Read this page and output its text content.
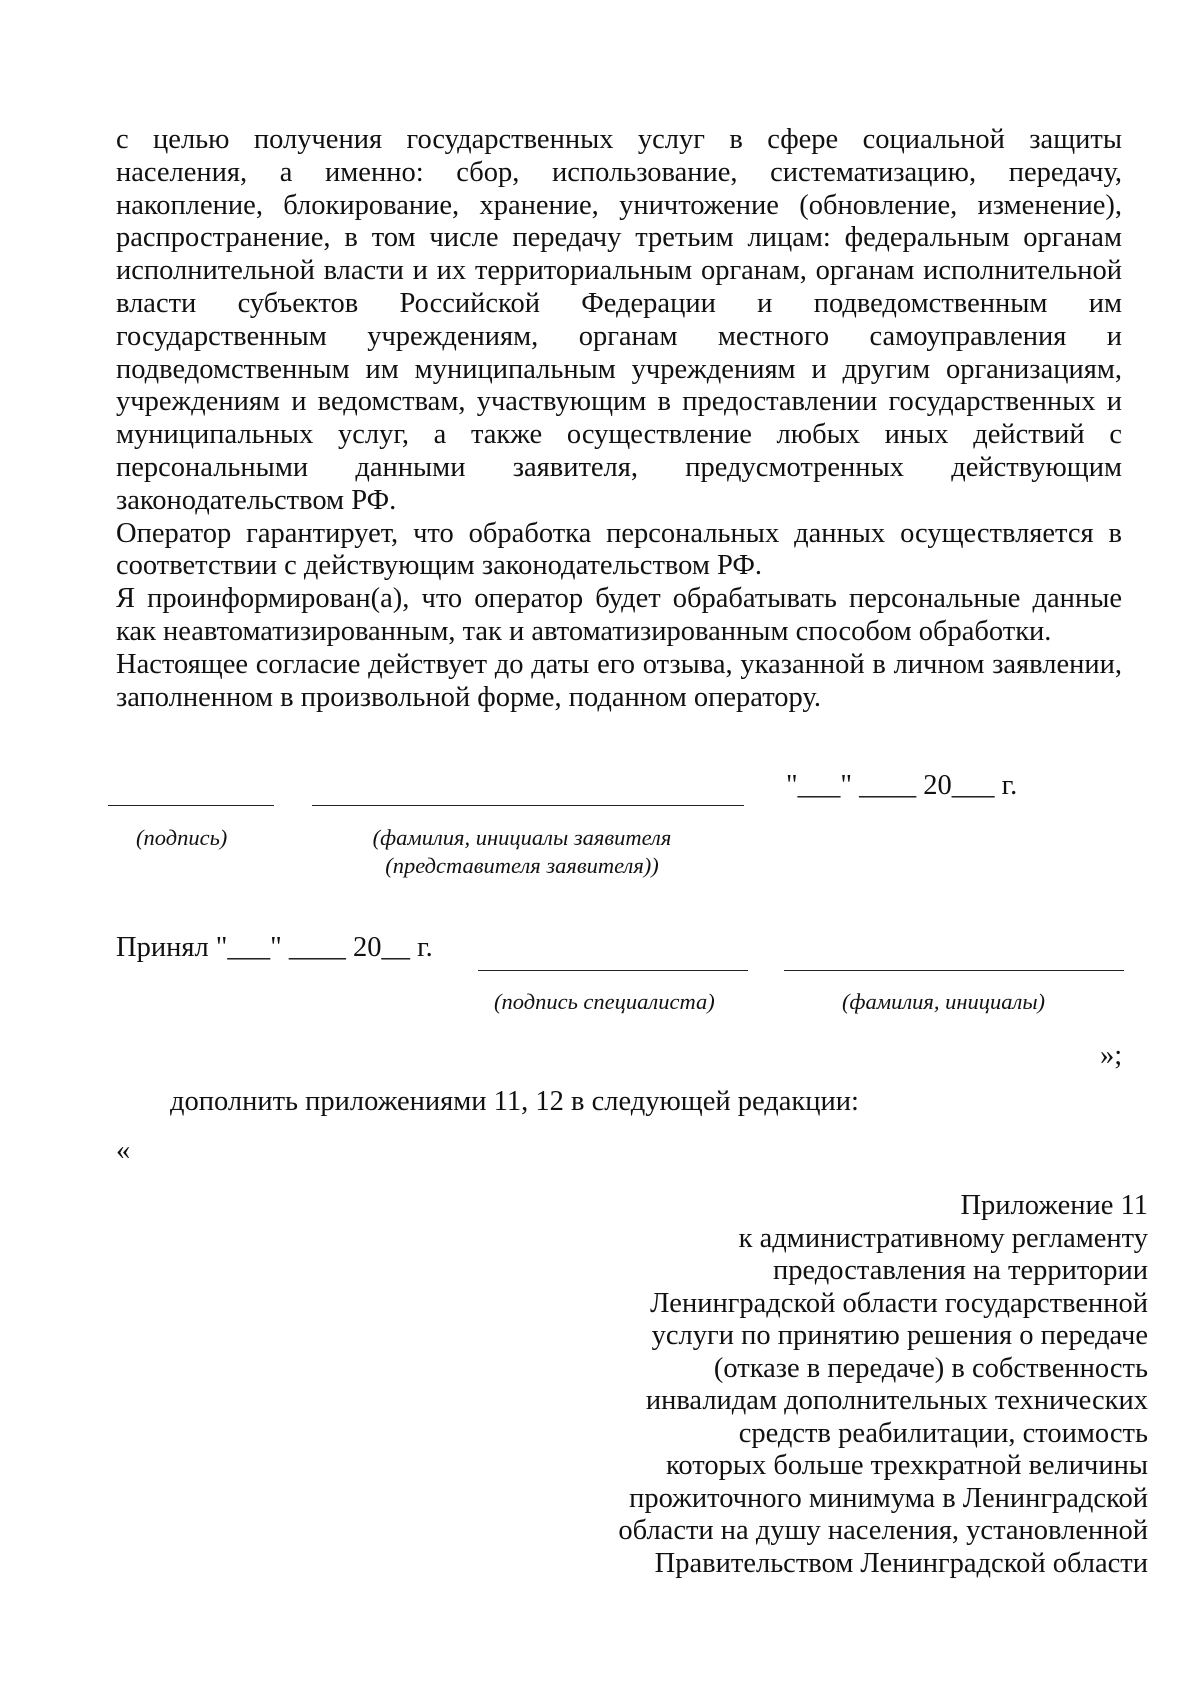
с целью получения государственных услуг в сфере социальной защиты населения, а именно: сбор, использование, систематизацию, передачу, накопление, блокирование, хранение, уничтожение (обновление, изменение), распространение, в том числе передачу третьим лицам: федеральным органам исполнительной власти и их территориальным органам, органам исполнительной власти субъектов Российской Федерации и подведомственным им государственным учреждениям, органам местного самоуправления и подведомственным им муниципальным учреждениям и другим организациям, учреждениям и ведомствам, участвующим в предоставлении государственных и муниципальных услуг, а также осуществление любых иных действий с персональными данными заявителя, предусмотренных действующим законодательством РФ.

Оператор гарантирует, что обработка персональных данных осуществляется в соответствии с действующим законодательством РФ.

Я проинформирован(а), что оператор будет обрабатывать персональные данные как неавтоматизированным, так и автоматизированным способом обработки.

Настоящее согласие действует до даты его отзыва, указанной в личном заявлении, заполненном в произвольной форме, поданном оператору.

"___" ____ 20___ г.
(подпись)	(фамилия, инициалы заявителя
(представителя заявителя))
Принял "___" ____ 20__ г.
(подпись специалиста)	(фамилия, инициалы)
»;
дополнить приложениями 11, 12 в следующей редакции:
«
Приложение 11
к административному регламенту
предоставления на территории
Ленинградской области государственной
услуги по принятию решения о передаче
(отказе в передаче) в собственность
инвалидам дополнительных технических
средств реабилитации, стоимость
которых больше трехкратной величины
прожиточного минимума в Ленинградской
области на душу населения, установленной
Правительством Ленинградской области
